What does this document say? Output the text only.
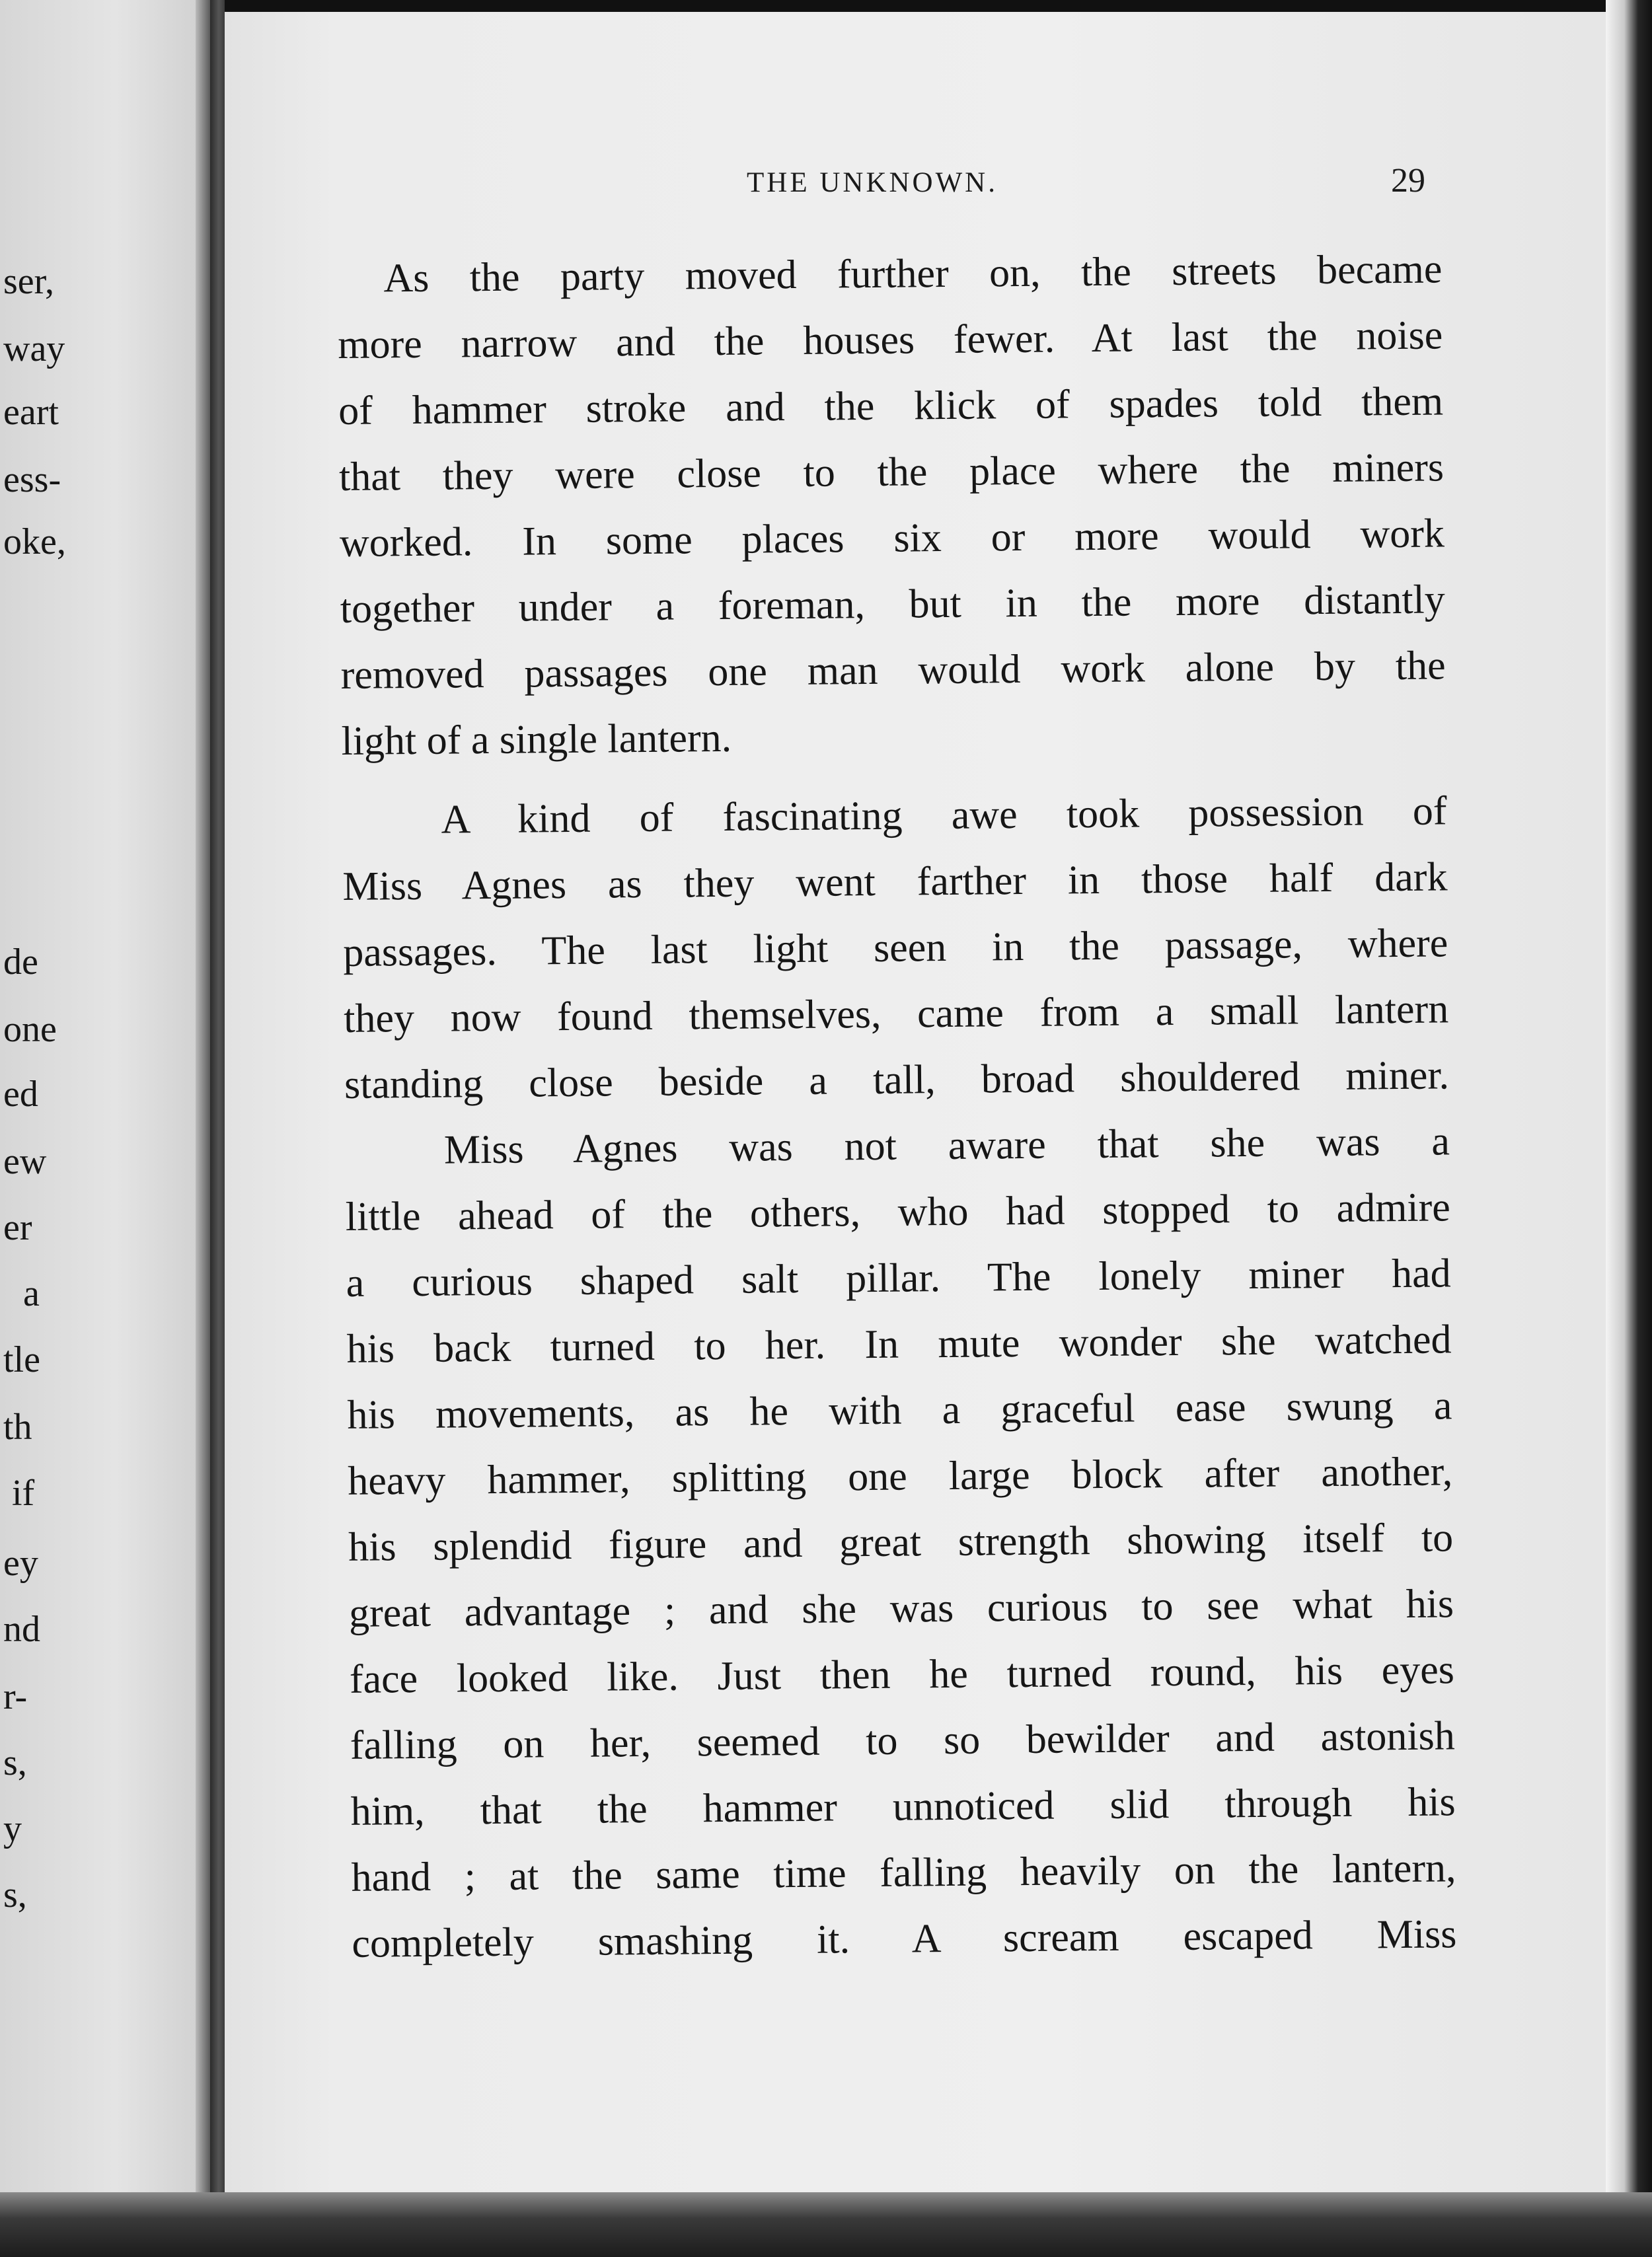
ser,
way
eart
ess-
oke,
de
one
ed
ew
er
a
tle
th
if
ey
nd
r-
s,
y
s,
THE UNKNOWN.	29
As the party moved further on, the streets became
more narrow and the houses fewer. At last the noise
of hammer stroke and the klick of spades told them
that they were close to the place where the miners
worked. In some places six or more would work
together under a foreman, but in the more distantly
removed passages one man would work alone by the
light of a single lantern.
A kind of fascinating awe took possession of
Miss Agnes as they went farther in those half dark
passages. The last light seen in the passage, where
they now found themselves, came from a small lantern
standing close beside a tall, broad shouldered miner.
Miss Agnes was not aware that she was a
little ahead of the others, who had stopped to admire
a curious shaped salt pillar. The lonely miner had
his back turned to her. In mute wonder she watched
his movements, as he with a graceful ease swung a
heavy hammer, splitting one large block after another,
his splendid figure and great strength showing itself to
great advantage ; and she was curious to see what his
face looked like. Just then he turned round, his eyes
falling on her, seemed to so bewilder and astonish
him, that the hammer unnoticed slid through his
hand ; at the same time falling heavily on the lantern,
completely smashing it. A scream escaped Miss
